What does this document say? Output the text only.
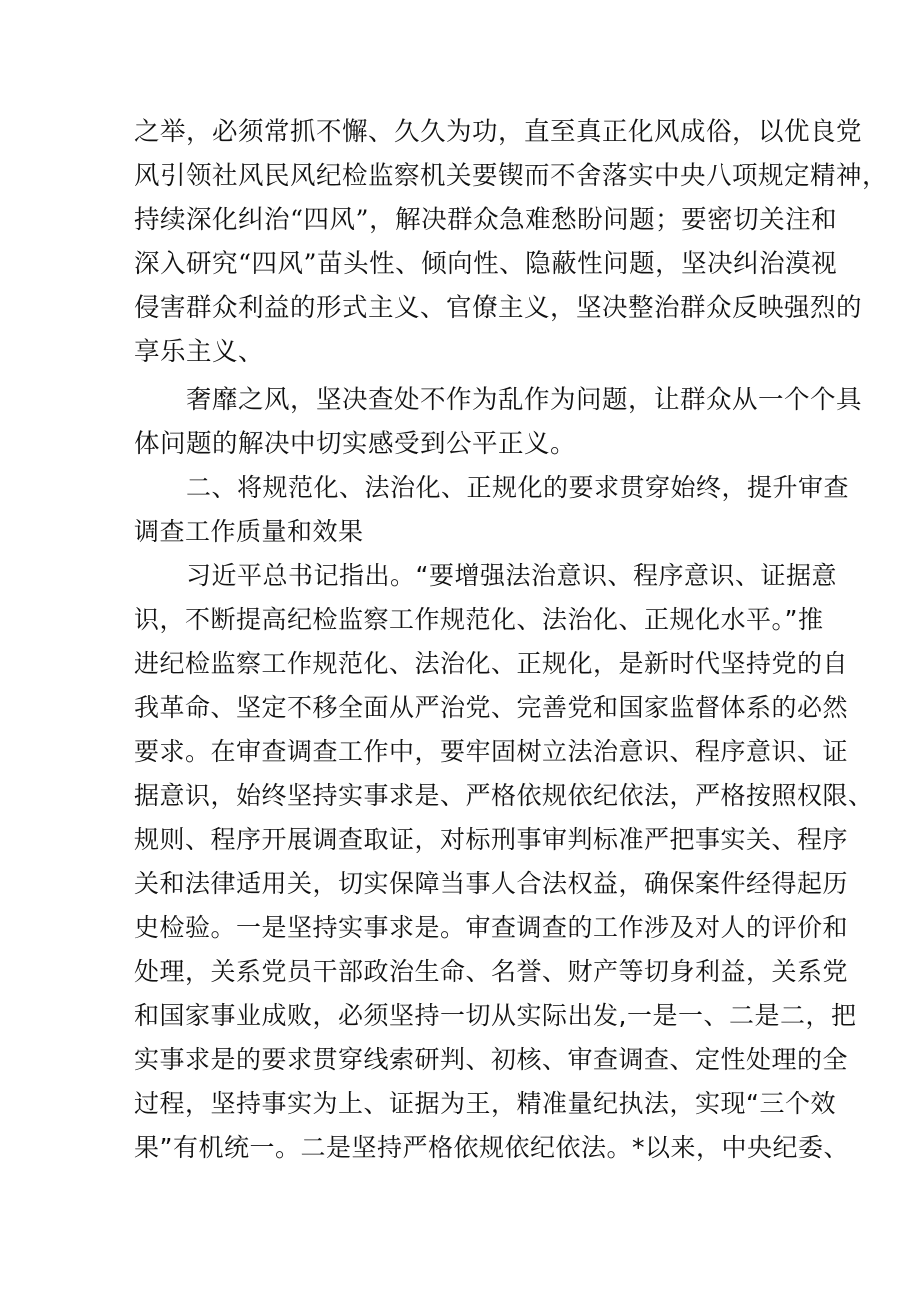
之举，必须常抓不懈、久久为功，直至真正化风成俗，以优良党
风引领社风民风纪检监察机关要锲而不舍落实中央八项规定精神，
持续深化纠治“四风”，解决群众急难愁盼问题；要密切关注和
深入研究“四风”苗头性、倾向性、隐蔽性问题，坚决纠治漠视
侵害群众利益的形式主义、官僚主义，坚决整治群众反映强烈的
享乐主义、
奢靡之风，坚决查处不作为乱作为问题，让群众从一个个具
体问题的解决中切实感受到公平正义。
二、将规范化、法治化、正规化的要求贯穿始终，提升审查
调查工作质量和效果
习近平总书记指出。“要增强法治意识、程序意识、证据意
识，不断提高纪检监察工作规范化、法治化、正规化水平。”推
进纪检监察工作规范化、法治化、正规化，是新时代坚持党的自
我革命、坚定不移全面从严治党、完善党和国家监督体系的必然
要求。在审查调查工作中，要牢固树立法治意识、程序意识、证
据意识，始终坚持实事求是、严格依规依纪依法，严格按照权限、
规则、程序开展调查取证，对标刑事审判标准严把事实关、程序
关和法律适用关，切实保障当事人合法权益，确保案件经得起历
史检验。一是坚持实事求是。审查调查的工作涉及对人的评价和
处理，关系党员干部政治生命、名誉、财产等切身利益，关系党
和国家事业成败，必须坚持一切从实际出发,一是一、二是二，把
实事求是的要求贯穿线索研判、初核、审查调查、定性处理的全
过程，坚持事实为上、证据为王，精准量纪执法，实现“三个效
果”有机统一。二是坚持严格依规依纪依法。*以来，中央纪委、
